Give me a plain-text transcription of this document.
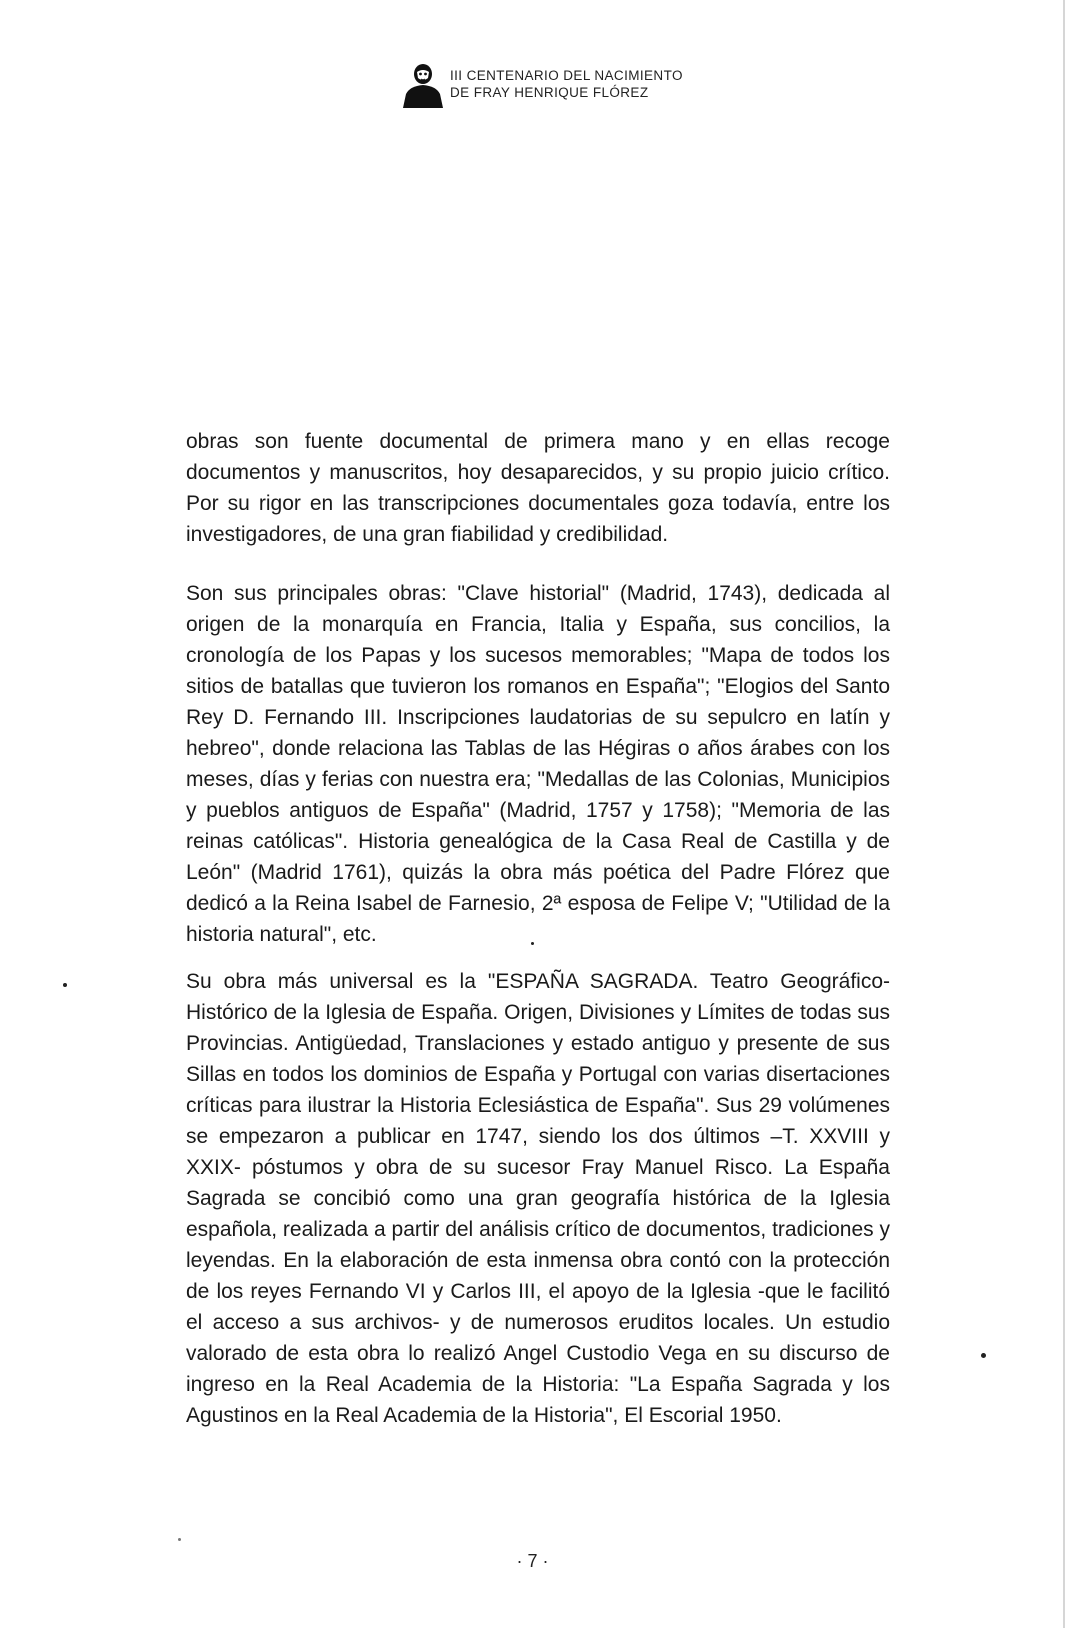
III CENTENARIO DEL NACIMIENTO
DE FRAY HENRIQUE FLÓREZ

obras son fuente documental de primera mano y en ellas recoge documentos y manuscritos, hoy desaparecidos, y su propio juicio crítico. Por su rigor en las transcripciones documentales goza todavía, entre los investigadores, de una gran fiabilidad y credibilidad.

Son sus principales obras: "Clave historial" (Madrid, 1743), dedicada al origen de la monarquía en Francia, Italia y España, sus concilios, la cronología de los Papas y los sucesos memorables; "Mapa de todos los sitios de batallas que tuvieron los romanos en España"; "Elogios del Santo Rey D. Fernando III. Inscripciones laudatorias de su sepulcro en latín y hebreo", donde relaciona las Tablas de las Hégiras o años árabes con los meses, días y ferias con nuestra era; "Medallas de las Colonias, Municipios y pueblos antiguos de España" (Madrid, 1757 y 1758); "Memoria de las reinas católicas". Historia genealógica de la Casa Real de Castilla y de León" (Madrid 1761), quizás la obra más poética del Padre Flórez que dedicó a la Reina Isabel de Farnesio, 2ª esposa de Felipe V; "Utilidad de la historia natural", etc.

Su obra más universal es la "ESPAÑA SAGRADA. Teatro Geográfico-Histórico de la Iglesia de España. Origen, Divisiones y Límites de todas sus Provincias. Antigüedad, Translaciones y estado antiguo y presente de sus Sillas en todos los dominios de España y Portugal con varias disertaciones críticas para ilustrar la Historia Eclesiástica de España". Sus 29 volúmenes se empezaron a publicar en 1747, siendo los dos últimos –T. XXVIII y XXIX- póstumos y obra de su sucesor Fray Manuel Risco. La España Sagrada se concibió como una gran geografía histórica de la Iglesia española, realizada a partir del análisis crítico de documentos, tradiciones y leyendas. En la elaboración de esta inmensa obra contó con la protección de los reyes Fernando VI y Carlos III, el apoyo de la Iglesia -que le facilitó el acceso a sus archivos- y de numerosos eruditos locales. Un estudio valorado de esta obra lo realizó Angel Custodio Vega en su discurso de ingreso en la Real Academia de la Historia: "La España Sagrada y los Agustinos en la Real Academia de la Historia", El Escorial 1950.

· 7 ·
